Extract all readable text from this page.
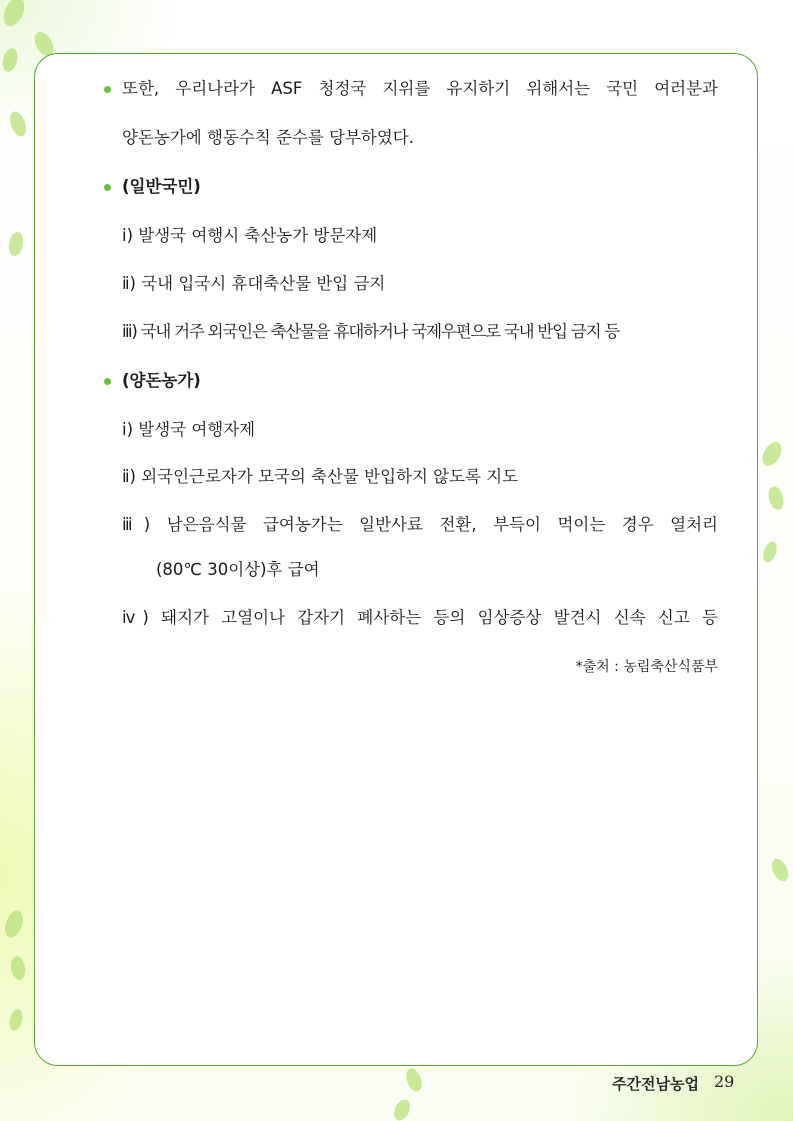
또한, 우리나라가 ASF 청정국 지위를 유지하기 위해서는 국민 여러분과
양돈농가에 행동수칙 준수를 당부하였다.
(일반국민)
ⅰ) 발생국 여행시 축산농가 방문자제
ⅱ) 국내 입국시 휴대축산물 반입 금지
ⅲ) 국내 거주 외국인은 축산물을 휴대하거나 국제우편으로 국내 반입 금지 등
(양돈농가)
ⅰ) 발생국 여행자제
ⅱ) 외국인근로자가 모국의 축산물 반입하지 않도록 지도
ⅲ) 남은음식물 급여농가는 일반사료 전환, 부득이 먹이는 경우 열처리
(80℃ 30이상)후 급여
ⅳ) 돼지가 고열이나 갑자기 폐사하는 등의 임상증상 발견시 신속 신고 등
*출처 : 농림축산식품부
주간전남농업 29
